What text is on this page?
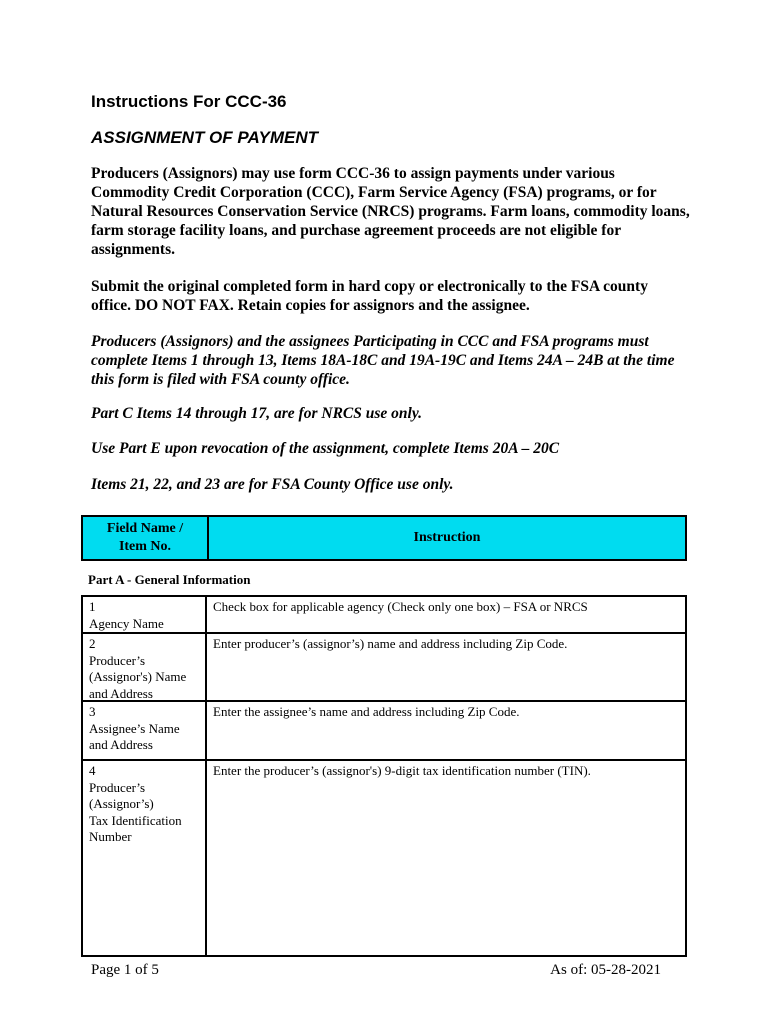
Instructions For CCC-36
ASSIGNMENT OF PAYMENT
Producers (Assignors) may use form CCC-36 to assign payments under various Commodity Credit Corporation (CCC), Farm Service Agency (FSA) programs, or for Natural Resources Conservation Service (NRCS) programs. Farm loans, commodity loans, farm storage facility loans, and purchase agreement proceeds are not eligible for assignments.
Submit the original completed form in hard copy or electronically to the FSA county office. DO NOT FAX. Retain copies for assignors and the assignee.
Producers (Assignors) and the assignees Participating in CCC and FSA programs must complete Items 1 through 13, Items 18A-18C and 19A-19C and Items 24A – 24B at the time this form is filed with FSA county office.
Part C Items 14 through 17, are for NRCS use only.
Use Part E upon revocation of the assignment, complete Items 20A – 20C
Items 21, 22, and 23 are for FSA County Office use only.
Field Name /
Item No.
Instruction
Part A - General Information
1
Agency Name
Check box for applicable agency (Check only one box) – FSA or NRCS
2
Producer’s
(Assignor's) Name
and Address
Enter producer’s (assignor’s) name and address including Zip Code.
3
Assignee’s Name
and Address
Enter the assignee’s name and address including Zip Code.
4
Producer’s
(Assignor’s)
Tax Identification
Number
Enter the producer’s (assignor's) 9-digit tax identification number (TIN).
Page 1 of 5	As of: 05-28-2021
